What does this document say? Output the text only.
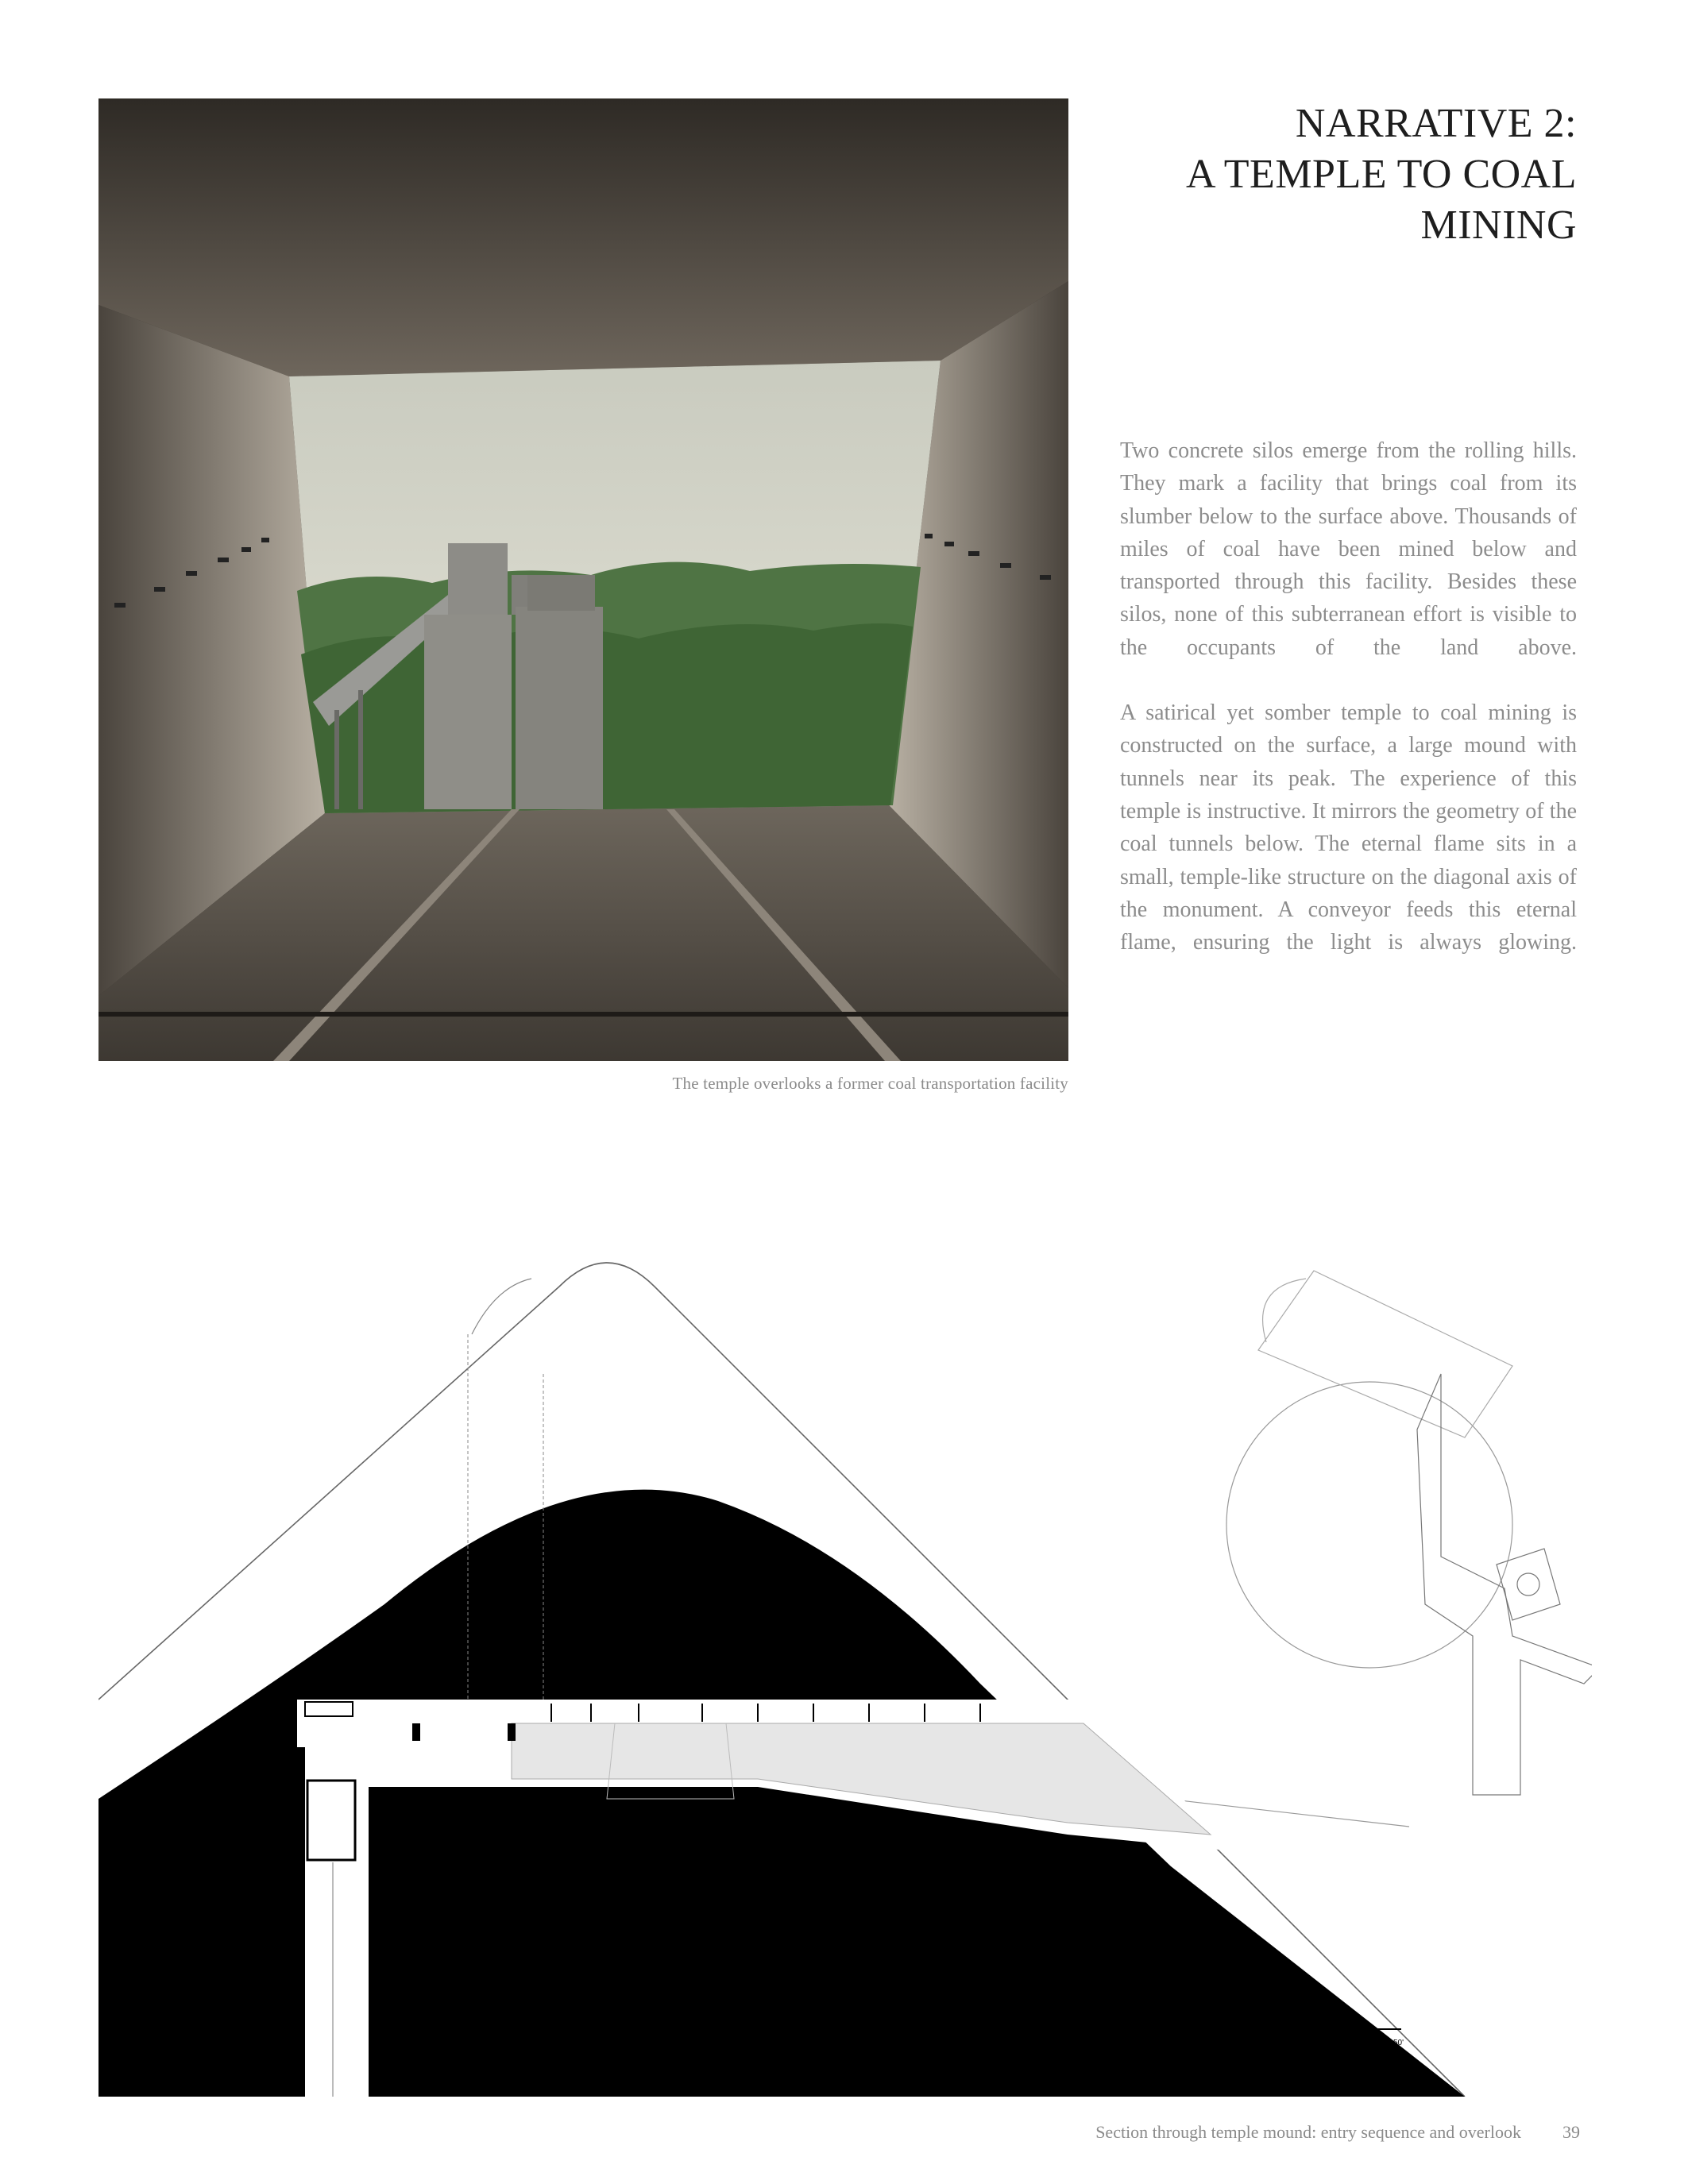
The temple overlooks a former coal transportation facility
NARRATIVE 2:
A TEMPLE TO COAL
MINING

Two concrete silos emerge from the rolling hills. They mark a facility that brings coal from its slumber below to the surface above. Thousands of miles of coal have been mined below and transported through this facility. Besides these silos, none of this subterranean effort is visible to the occupants of the land above.

A satirical yet somber temple to coal mining is constructed on the surface, a large mound with tunnels near its peak. The experience of this temple is instructive. It mirrors the geometry of the coal tunnels below. The eternal flame sits in a small, temple-like structure on the diagonal axis of the monument. A conveyor feeds this eternal flame, ensuring the light is always glowing.

10'	20'	50'
Section through temple mound: entry sequence and overlook 39
